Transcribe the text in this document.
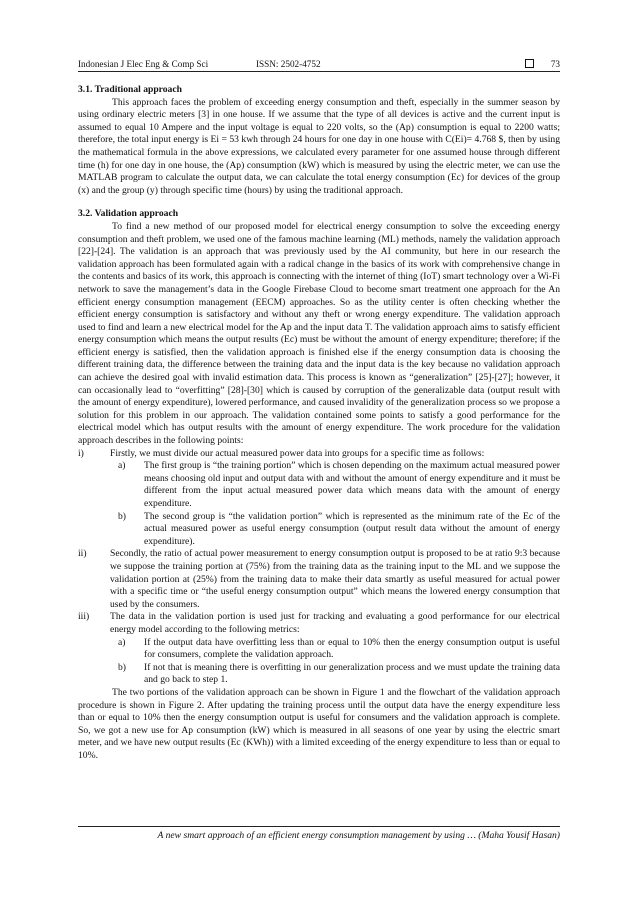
Indonesian J Elec Eng & Comp Sci	ISSN: 2502-4752	73
3.1. Traditional approach

This approach faces the problem of exceeding energy consumption and theft, especially in the summer season by using ordinary electric meters [3] in one house. If we assume that the type of all devices is active and the current input is assumed to equal 10 Ampere and the input voltage is equal to 220 volts, so the (Ap) consumption is equal to 2200 watts; therefore, the total input energy is Ei = 53 kwh through 24 hours for one day in one house with C(Ei)= 4.768 $, then by using the mathematical formula in the above expressions, we calculated every parameter for one assumed house through different time (h) for one day in one house, the (Ap) consumption (kW) which is measured by using the electric meter, we can use the MATLAB program to calculate the output data, we can calculate the total energy consumption (Ec) for devices of the group (x) and the group (y) through specific time (hours) by using the traditional approach.

3.2. Validation approach

To find a new method of our proposed model for electrical energy consumption to solve the exceeding energy consumption and theft problem, we used one of the famous machine learning (ML) methods, namely the validation approach [22]-[24]. The validation is an approach that was previously used by the AI community, but here in our research the validation approach has been formulated again with a radical change in the basics of its work with comprehensive change in the contents and basics of its work, this approach is connecting with the internet of thing (IoT) smart technology over a Wi-Fi network to save the management’s data in the Google Firebase Cloud to become smart treatment one approach for the An efficient energy consumption management (EECM) approaches. So as the utility center is often checking whether the efficient energy consumption is satisfactory and without any theft or wrong energy expenditure. The validation approach used to find and learn a new electrical model for the Ap and the input data T. The validation approach aims to satisfy efficient energy consumption which means the output results (Ec) must be without the amount of energy expenditure; therefore; if the efficient energy is satisfied, then the validation approach is finished else if the energy consumption data is choosing the different training data, the difference between the training data and the input data is the key because no validation approach can achieve the desired goal with invalid estimation data. This process is known as “generalization” [25]-[27]; however, it can occasionally lead to “overfitting” [28]-[30] which is caused by corruption of the generalizable data (output result with the amount of energy expenditure), lowered performance, and caused invalidity of the generalization process so we propose a solution for this problem in our approach. The validation contained some points to satisfy a good performance for the electrical model which has output results with the amount of energy expenditure. The work procedure for the validation approach describes in the following points:

i)	Firstly, we must divide our actual measured power data into groups for a specific time as follows:
a) The first group is “the training portion” which is chosen depending on the maximum actual measured power means choosing old input and output data with and without the amount of energy expenditure and it must be different from the input actual measured power data which means data with the amount of energy expenditure.
b) The second group is “the validation portion” which is represented as the minimum rate of the Ec of the actual measured power as useful energy consumption (output result data without the amount of energy expenditure).
ii) Secondly, the ratio of actual power measurement to energy consumption output is proposed to be at ratio 9:3 because we suppose the training portion at (75%) from the training data as the training input to the ML and we suppose the validation portion at (25%) from the training data to make their data smartly as useful measured for actual power with a specific time or “the useful energy consumption output” which means the lowered energy consumption that used by the consumers.
iii) The data in the validation portion is used just for tracking and evaluating a good performance for our electrical energy model according to the following metrics:
a) If the output data have overfitting less than or equal to 10% then the energy consumption output is useful for consumers, complete the validation approach.
b) If not that is meaning there is overfitting in our generalization process and we must update the training data and go back to step 1.

The two portions of the validation approach can be shown in Figure 1 and the flowchart of the validation approach procedure is shown in Figure 2. After updating the training process until the output data have the energy expenditure less than or equal to 10% then the energy consumption output is useful for consumers and the validation approach is complete. So, we got a new use for Ap consumption (kW) which is measured in all seasons of one year by using the electric smart meter, and we have new output results (Ec (KWh)) with a limited exceeding of the energy expenditure to less than or equal to 10%.

A new smart approach of an efficient energy consumption management by using … (Maha Yousif Hasan)
